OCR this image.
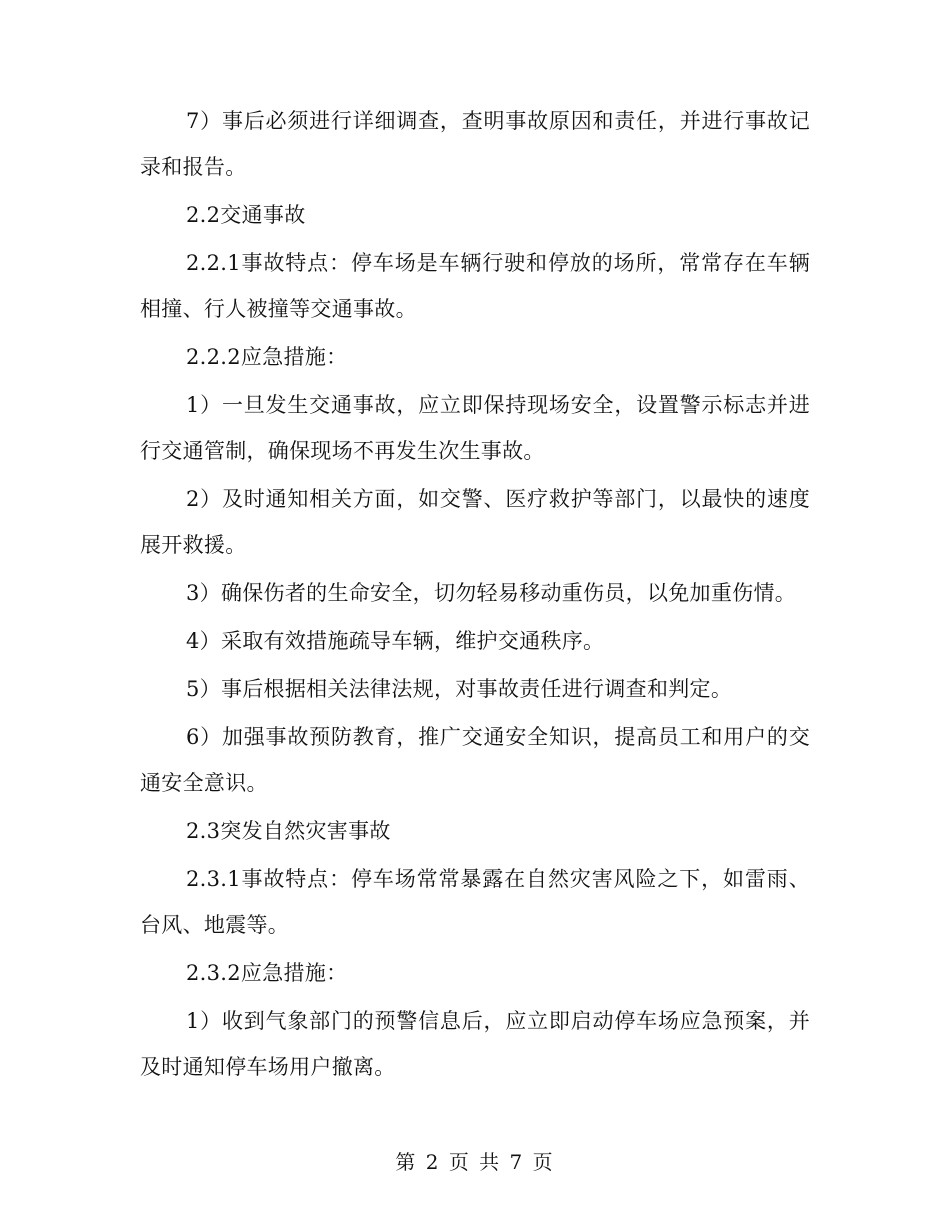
7）事后必须进行详细调查，查明事故原因和责任，并进行事故记录和报告。

2.2交通事故

2.2.1事故特点：停车场是车辆行驶和停放的场所，常常存在车辆相撞、行人被撞等交通事故。

2.2.2应急措施：

1）一旦发生交通事故，应立即保持现场安全，设置警示标志并进行交通管制，确保现场不再发生次生事故。

2）及时通知相关方面，如交警、医疗救护等部门，以最快的速度展开救援。

3）确保伤者的生命安全，切勿轻易移动重伤员，以免加重伤情。

4）采取有效措施疏导车辆，维护交通秩序。

5）事后根据相关法律法规，对事故责任进行调查和判定。

6）加强事故预防教育，推广交通安全知识，提高员工和用户的交通安全意识。

2.3突发自然灾害事故

2.3.1事故特点：停车场常常暴露在自然灾害风险之下，如雷雨、台风、地震等。

2.3.2应急措施：

1）收到气象部门的预警信息后，应立即启动停车场应急预案，并及时通知停车场用户撤离。

第 2 页 共 7 页
